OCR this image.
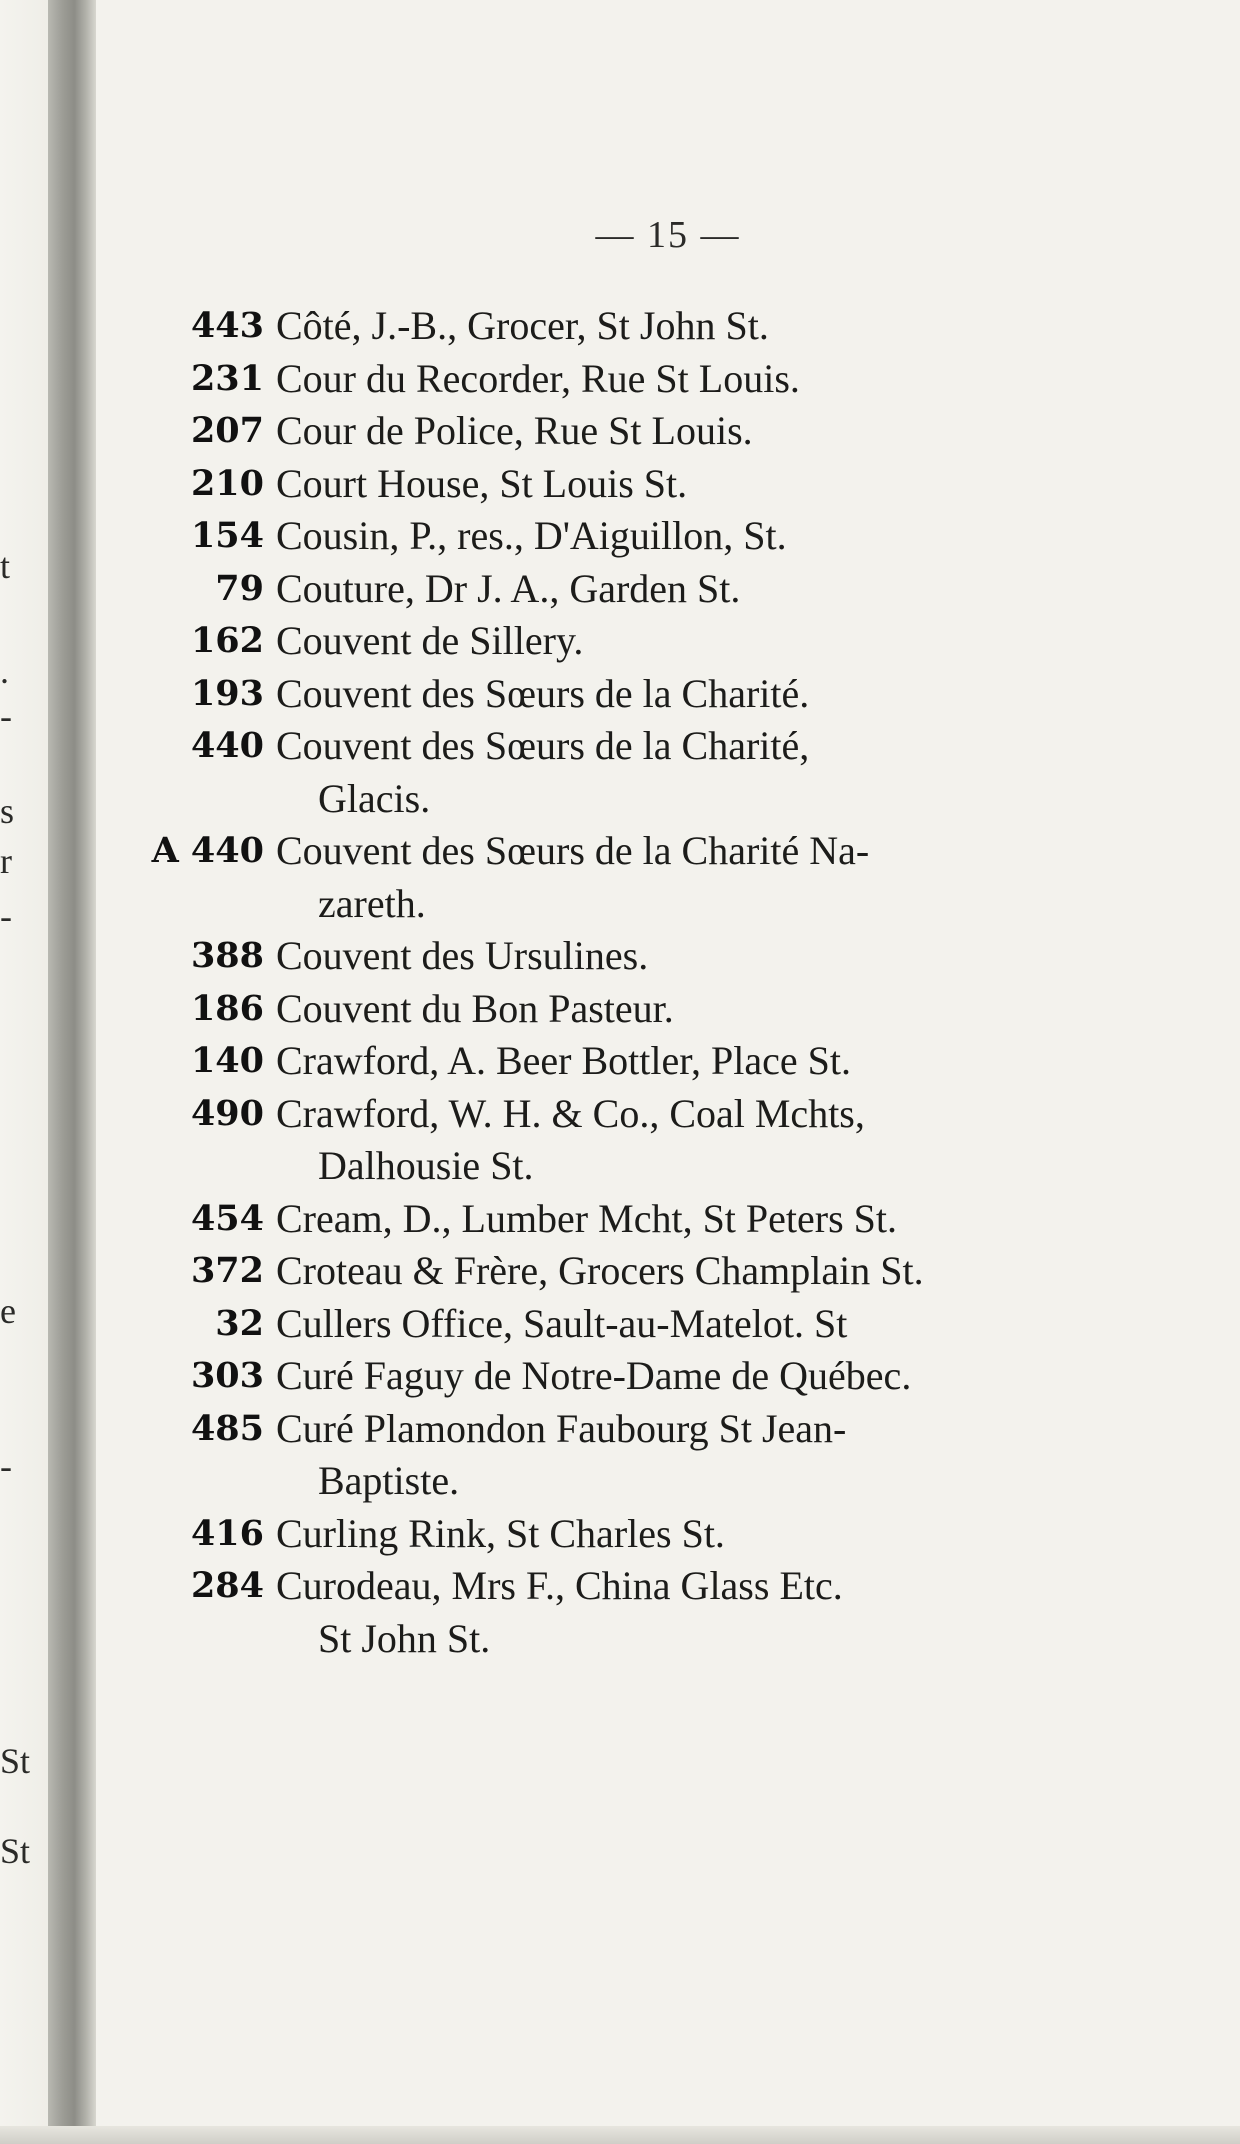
t
.
-
s
r
-
e
-
St
St
— 15 —
443 Côté, J.-B., Grocer, St John St.
231 Cour du Recorder, Rue St Louis.
207 Cour de Police, Rue St Louis.
210 Court House, St Louis St.
154 Cousin, P., res., D'Aiguillon, St.
79 Couture, Dr J. A., Garden St.
162 Couvent de Sillery.
193 Couvent des Sœurs de la Charité.
440 Couvent des Sœurs de la Charité,
Glacis.
A 440 Couvent des Sœurs de la Charité Na-
zareth.
388 Couvent des Ursulines.
186 Couvent du Bon Pasteur.
140 Crawford, A. Beer Bottler, Place St.
490 Crawford, W. H. & Co., Coal Mchts,
Dalhousie St.
454 Cream, D., Lumber Mcht, St Peters St.
372 Croteau & Frère, Grocers Champlain St.
32 Cullers Office, Sault-au-Matelot. St
303 Curé Faguy de Notre-Dame de Québec.
485 Curé Plamondon Faubourg St Jean-
Baptiste.
416 Curling Rink, St Charles St.
284 Curodeau, Mrs F., China Glass Etc.
St John St.
